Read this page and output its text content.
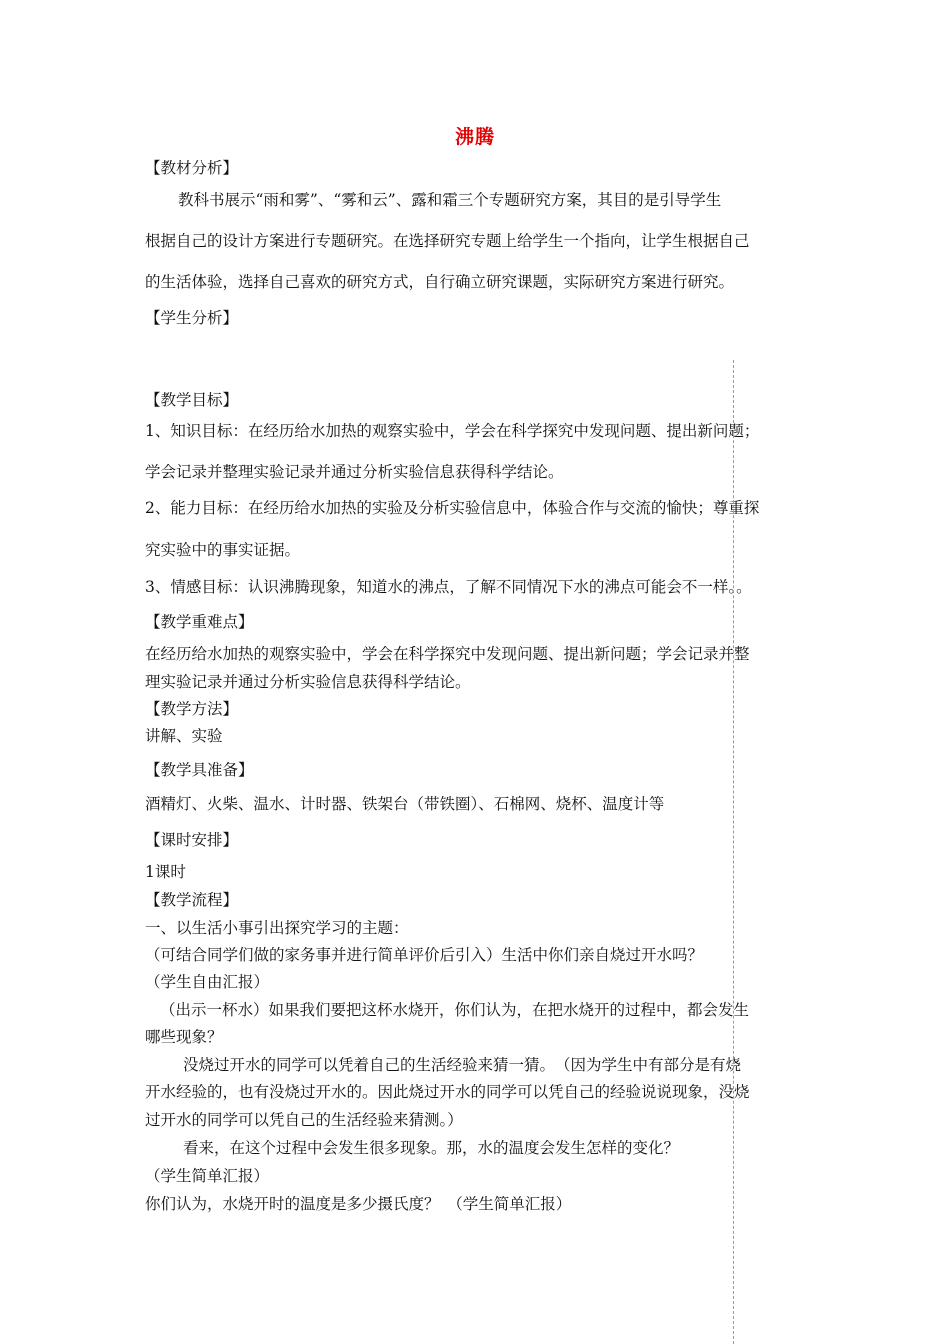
沸腾
【教材分析】
教科书展示“雨和雾”、“雾和云”、露和霜三个专题研究方案，其目的是引导学生
根据自己的设计方案进行专题研究。在选择研究专题上给学生一个指向，让学生根据自己
的生活体验，选择自己喜欢的研究方式，自行确立研究课题，实际研究方案进行研究。
【学生分析】
【教学目标】
1、知识目标：在经历给水加热的观察实验中，学会在科学探究中发现问题、提出新问题；
学会记录并整理实验记录并通过分析实验信息获得科学结论。
2、能力目标：在经历给水加热的实验及分析实验信息中，体验合作与交流的愉快；尊重探
究实验中的事实证据。
3、情感目标：认识沸腾现象，知道水的沸点，了解不同情况下水的沸点可能会不一样。。
【教学重难点】
在经历给水加热的观察实验中，学会在科学探究中发现问题、提出新问题；学会记录并整
理实验记录并通过分析实验信息获得科学结论。
【教学方法】
讲解、实验
【教学具准备】
酒精灯、火柴、温水、计时器、铁架台（带铁圈）、石棉网、烧杯、温度计等
【课时安排】
1课时
【教学流程】
一、以生活小事引出探究学习的主题：
（可结合同学们做的家务事并进行简单评价后引入）生活中你们亲自烧过开水吗？
（学生自由汇报）
（出示一杯水）如果我们要把这杯水烧开，你们认为，在把水烧开的过程中，都会发生
哪些现象？
没烧过开水的同学可以凭着自己的生活经验来猜一猜。　（因为学生中有部分是有烧
开水经验的，也有没烧过开水的。因此烧过开水的同学可以凭自己的经验说说现象，没烧
过开水的同学可以凭自己的生活经验来猜测。）
看来，在这个过程中会发生很多现象。那，水的温度会发生怎样的变化？
（学生简单汇报）
你们认为，水烧开时的温度是多少摄氏度？　（学生简单汇报）
